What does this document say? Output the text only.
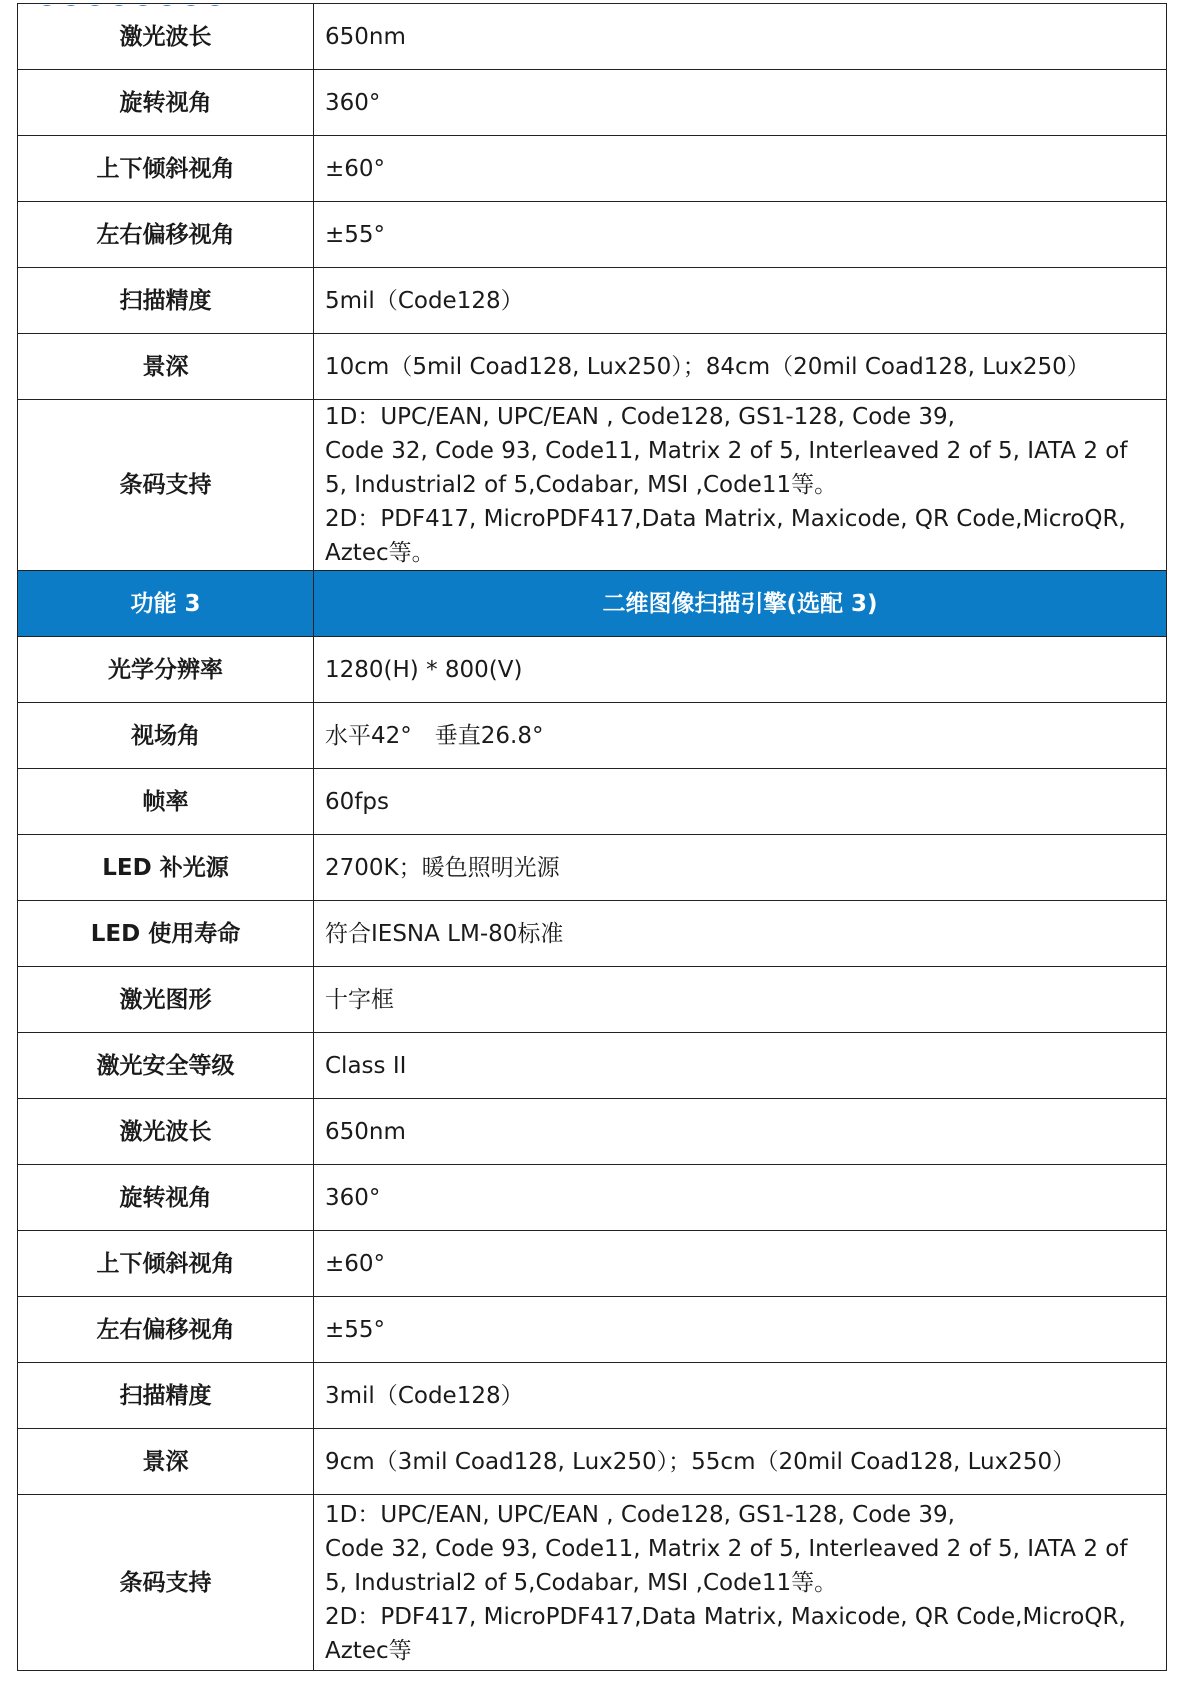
激光波长	650nm
旋转视角	360°
上下倾斜视角	±60°
左右偏移视角	±55°
扫描精度	5mil（Code128）
景深	10cm（5mil Coad128, Lux250）；84cm（20mil Coad128, Lux250）
条码支持	1D：UPC/EAN, UPC/EAN , Code128, GS1-128, Code 39,
Code 32, Code 93, Code11, Matrix 2 of 5, Interleaved 2 of 5, IATA 2 of
5, Industrial2 of 5,Codabar, MSI ,Code11等。
2D：PDF417, MicroPDF417,Data Matrix, Maxicode, QR Code,MicroQR,
Aztec等。

功能 3	二维图像扫描引擎(选配 3)
光学分辨率	1280(H) * 800(V)
视场角	水平42°　垂直26.8°
帧率	60fps
LED 补光源	2700K；暖色照明光源
LED 使用寿命	符合IESNA LM-80标准
激光图形	十字框
激光安全等级	Class II
激光波长	650nm
旋转视角	360°
上下倾斜视角	±60°
左右偏移视角	±55°
扫描精度	3mil（Code128）
景深	9cm（3mil Coad128, Lux250）；55cm（20mil Coad128, Lux250）
条码支持	1D：UPC/EAN, UPC/EAN , Code128, GS1-128, Code 39,
Code 32, Code 93, Code11, Matrix 2 of 5, Interleaved 2 of 5, IATA 2 of
5, Industrial2 of 5,Codabar, MSI ,Code11等。
2D：PDF417, MicroPDF417,Data Matrix, Maxicode, QR Code,MicroQR,
Aztec等
